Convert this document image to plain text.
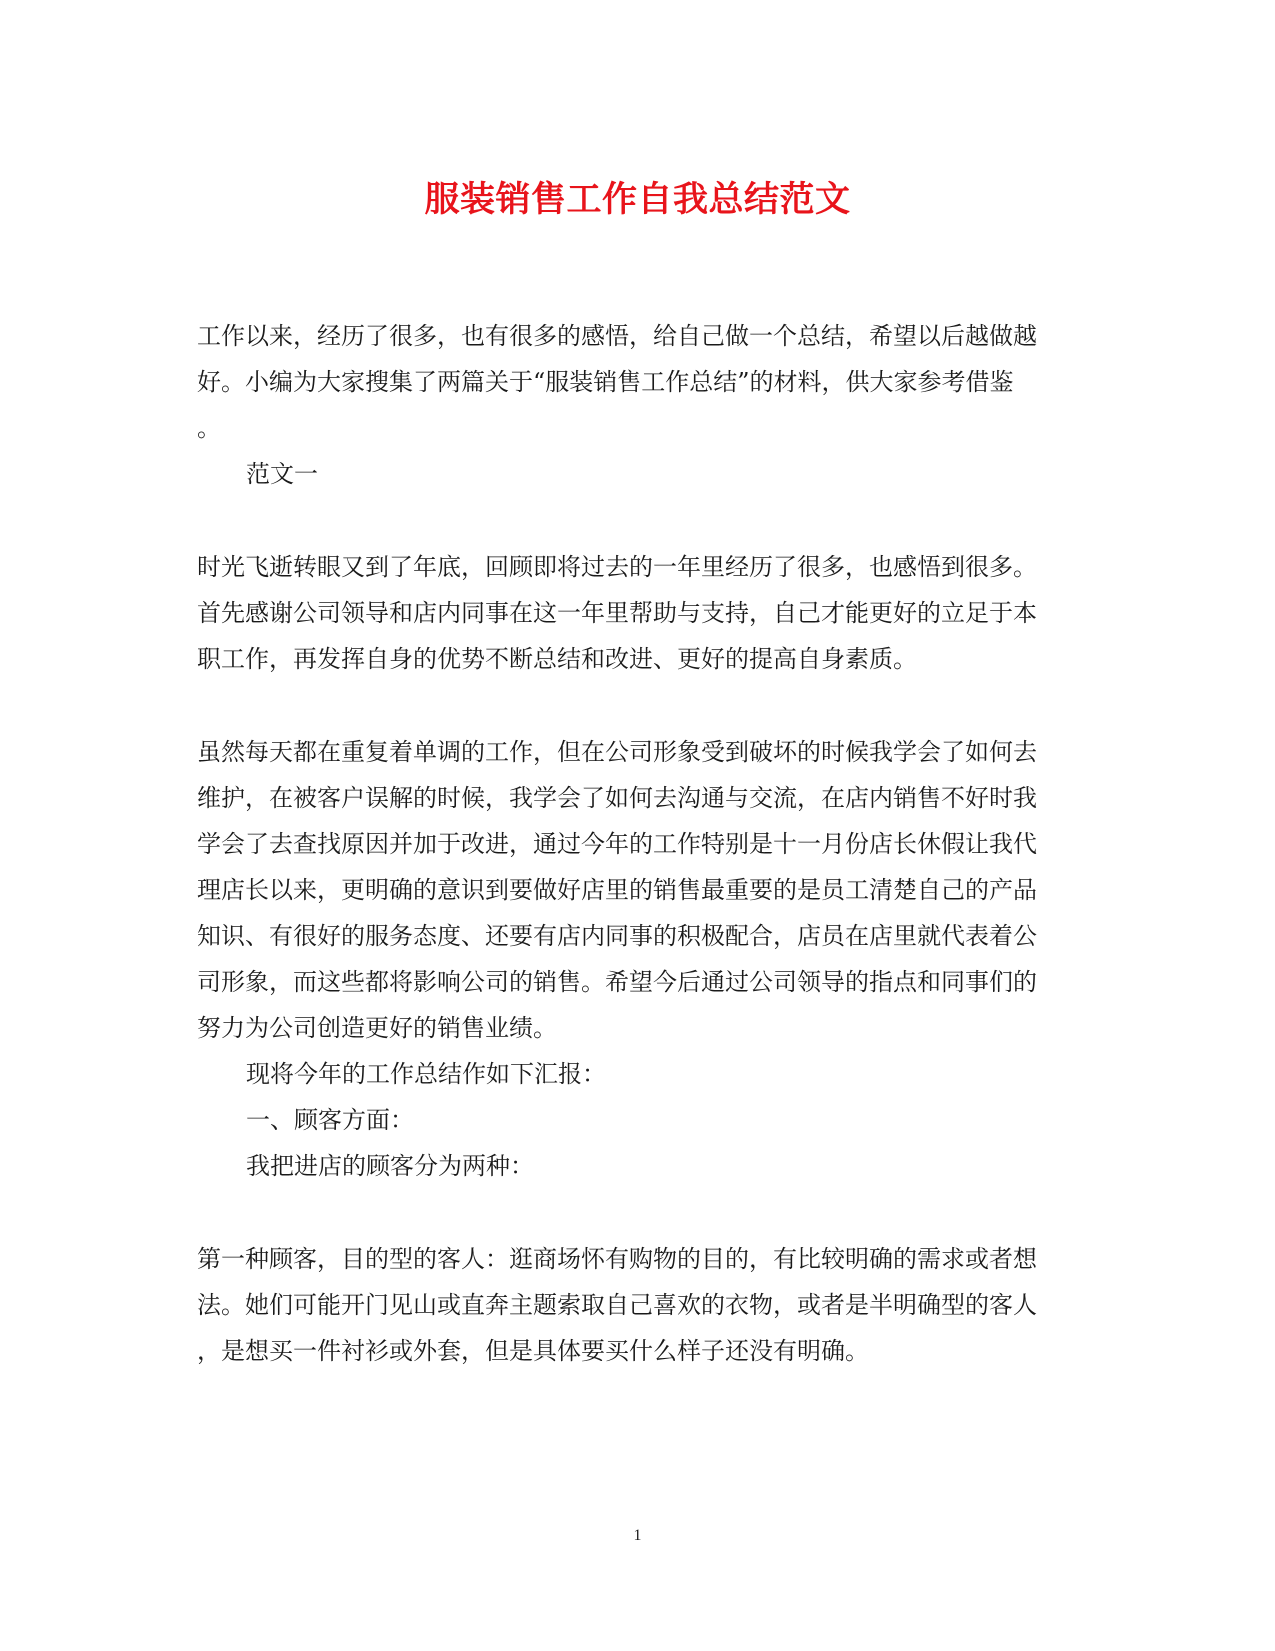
服装销售工作自我总结范文
工作以来，经历了很多，也有很多的感悟，给自己做一个总结，希望以后越做越
好。小编为大家搜集了两篇关于“服装销售工作总结”的材料，供大家参考借鉴
。
范文一
时光飞逝转眼又到了年底，回顾即将过去的一年里经历了很多，也感悟到很多。
首先感谢公司领导和店内同事在这一年里帮助与支持，自己才能更好的立足于本
职工作，再发挥自身的优势不断总结和改进、更好的提高自身素质。
虽然每天都在重复着单调的工作，但在公司形象受到破坏的时候我学会了如何去
维护，在被客户误解的时候，我学会了如何去沟通与交流，在店内销售不好时我
学会了去查找原因并加于改进，通过今年的工作特别是十一月份店长休假让我代
理店长以来，更明确的意识到要做好店里的销售最重要的是员工清楚自己的产品
知识、有很好的服务态度、还要有店内同事的积极配合，店员在店里就代表着公
司形象，而这些都将影响公司的销售。希望今后通过公司领导的指点和同事们的
努力为公司创造更好的销售业绩。
现将今年的工作总结作如下汇报：
一、顾客方面：
我把进店的顾客分为两种：
第一种顾客，目的型的客人：逛商场怀有购物的目的，有比较明确的需求或者想
法。她们可能开门见山或直奔主题索取自己喜欢的衣物，或者是半明确型的客人
，是想买一件衬衫或外套，但是具体要买什么样子还没有明确。
1
